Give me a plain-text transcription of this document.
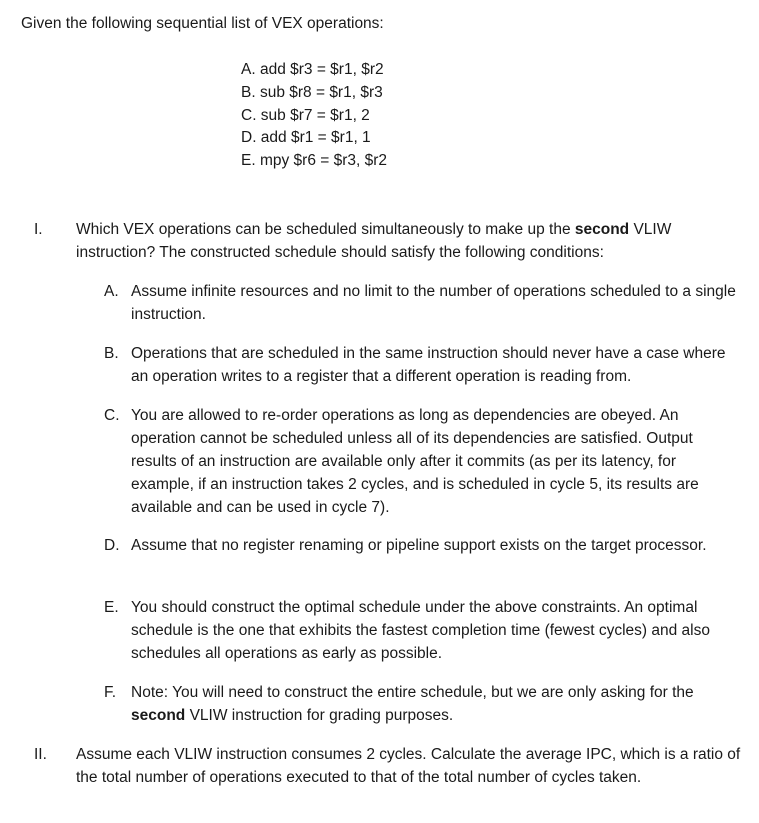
Given the following sequential list of VEX operations:
A. add $r3 = $r1, $r2
B. sub $r8 = $r1, $r3
C. sub $r7 = $r1, 2
D. add $r1 = $r1, 1
E. mpy $r6 = $r3, $r2
I. Which VEX operations can be scheduled simultaneously to make up the second VLIW instruction? The constructed schedule should satisfy the following conditions:
A. Assume infinite resources and no limit to the number of operations scheduled to a single instruction.
B. Operations that are scheduled in the same instruction should never have a case where an operation writes to a register that a different operation is reading from.
C. You are allowed to re-order operations as long as dependencies are obeyed. An operation cannot be scheduled unless all of its dependencies are satisfied. Output results of an instruction are available only after it commits (as per its latency, for example, if an instruction takes 2 cycles, and is scheduled in cycle 5, its results are available and can be used in cycle 7).
D. Assume that no register renaming or pipeline support exists on the target processor.
E. You should construct the optimal schedule under the above constraints. An optimal schedule is the one that exhibits the fastest completion time (fewest cycles) and also schedules all operations as early as possible.
F. Note: You will need to construct the entire schedule, but we are only asking for the second VLIW instruction for grading purposes.
II. Assume each VLIW instruction consumes 2 cycles. Calculate the average IPC, which is a ratio of the total number of operations executed to that of the total number of cycles taken.
